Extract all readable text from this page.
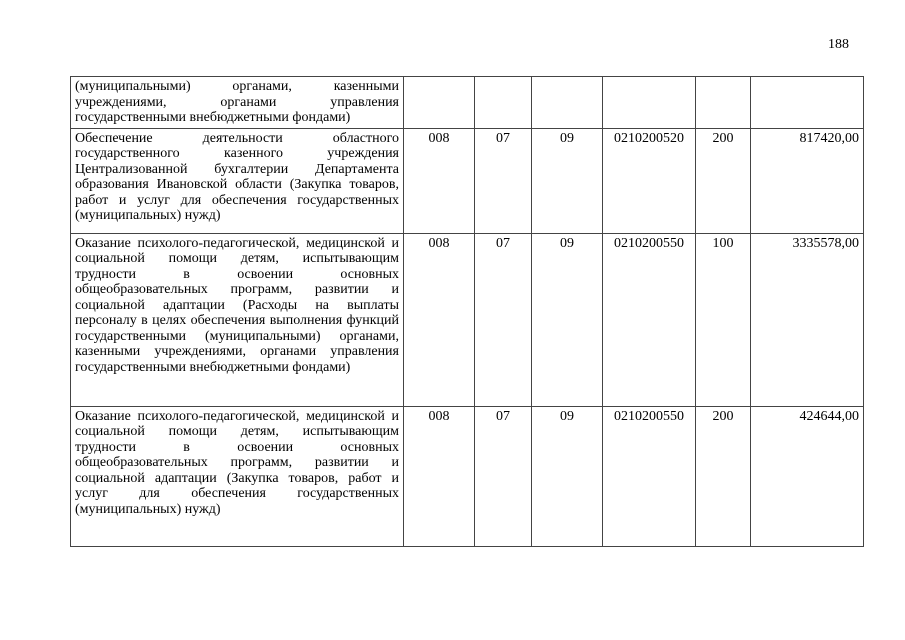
188
(муниципальными) органами, казенными учреждениями, органами управления государственными внебюджетными фондами)						
Обеспечение деятельности областного государственного казенного учреждения Централизованной бухгалтерии Департамента образования Ивановской области (Закупка товаров, работ и услуг для обеспечения государственных (муниципальных) нужд)	008	07	09	0210200520	200	817420,00
Оказание психолого-педагогической, медицинской и социальной помощи детям, испытывающим трудности в освоении основных общеобразовательных программ, развитии и социальной адаптации (Расходы на выплаты персоналу в целях обеспечения выполнения функций государственными (муниципальными) органами, казенными учреждениями, органами управления государственными внебюджетными фондами)	008	07	09	0210200550	100	3335578,00
Оказание психолого-педагогической, медицинской и социальной помощи детям, испытывающим трудности в освоении основных общеобразовательных программ, развитии и социальной адаптации (Закупка товаров, работ и услуг для обеспечения государственных (муниципальных) нужд)	008	07	09	0210200550	200	424644,00
